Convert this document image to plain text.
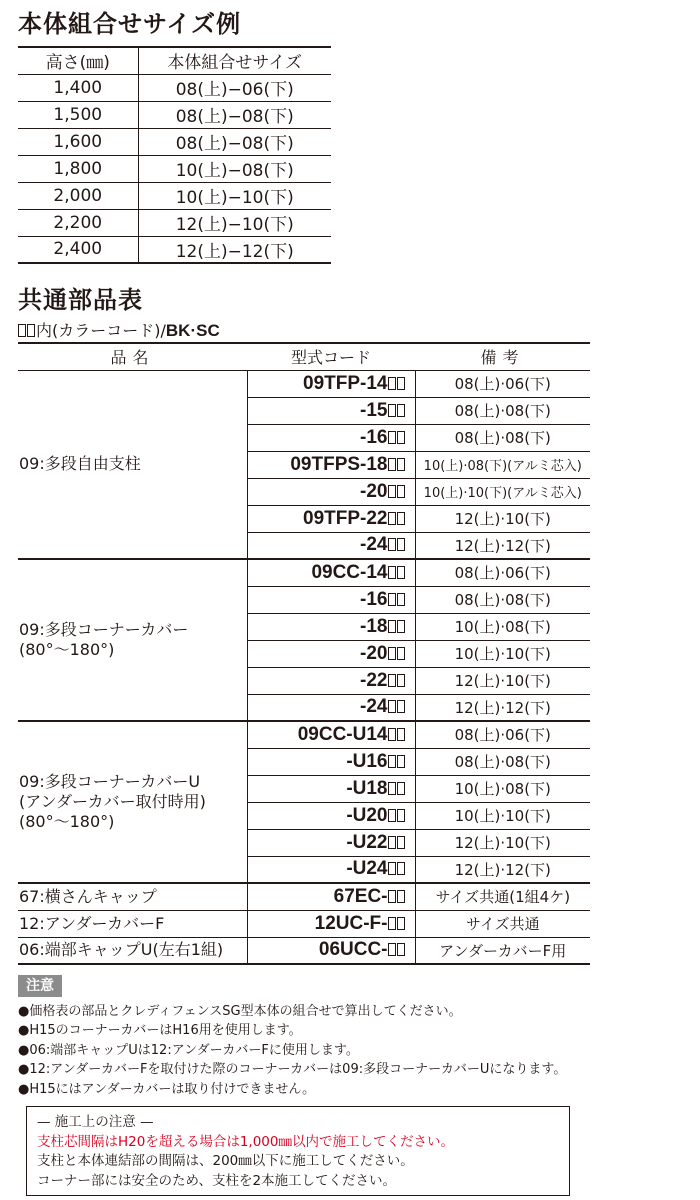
本体組合せサイズ例
高さ(㎜)	本体組合せサイズ
1,400	08(上)−06(下)
1,500	08(上)−08(下)
1,600	08(上)−08(下)
1,800	10(上)−08(下)
2,000	10(上)−10(下)
2,200	12(上)−10(下)
2,400	12(上)−12(下)
共通部品表
内(カラーコード)/BK·SC
品名	型式コード	備考

09:多段自由支柱	09TFP-14	08(上)·06(下)
	-15	08(上)·08(下)
	-16	08(上)·08(下)
	09TFPS-18	10(上)·08(下)(アルミ芯入)
	-20	10(上)·10(下)(アルミ芯入)
	09TFP-22	12(上)·10(下)
	-24	12(上)·12(下)

09:多段コーナーカバー
(80°〜180°)	09CC-14	08(上)·06(下)
	-16	08(上)·08(下)
	-18	10(上)·08(下)
	-20	10(上)·10(下)
	-22	12(上)·10(下)
	-24	12(上)·12(下)

09:多段コーナーカバーU
(アンダーカバー取付時用)
(80°〜180°)	09CC-U14	08(上)·06(下)
	-U16	08(上)·08(下)
	-U18	10(上)·08(下)
	-U20	10(上)·10(下)
	-U22	12(上)·10(下)
	-U24	12(上)·12(下)

67:横さんキャップ	67EC-	サイズ共通(1組4ケ)

12:アンダーカバーF	12UC-F-	サイズ共通

06:端部キャップU(左右1組)	06UCC-	アンダーカバーF用
注意
●価格表の部品とクレディフェンスSG型本体の組合せで算出してください。
●H15のコーナーカバーはH16用を使用します。
●06:端部キャップUは12:アンダーカバーFに使用します。
●12:アンダーカバーFを取付けた際のコーナーカバーは09:多段コーナーカバーUになります。
●H15にはアンダーカバーは取り付けできません。
— 施工上の注意 —
支柱芯間隔はH20を超える場合は1,000㎜以内で施工してください。
支柱と本体連結部の間隔は、200㎜以下に施工してください。
コーナー部には安全のため、支柱を2本施工してください。
